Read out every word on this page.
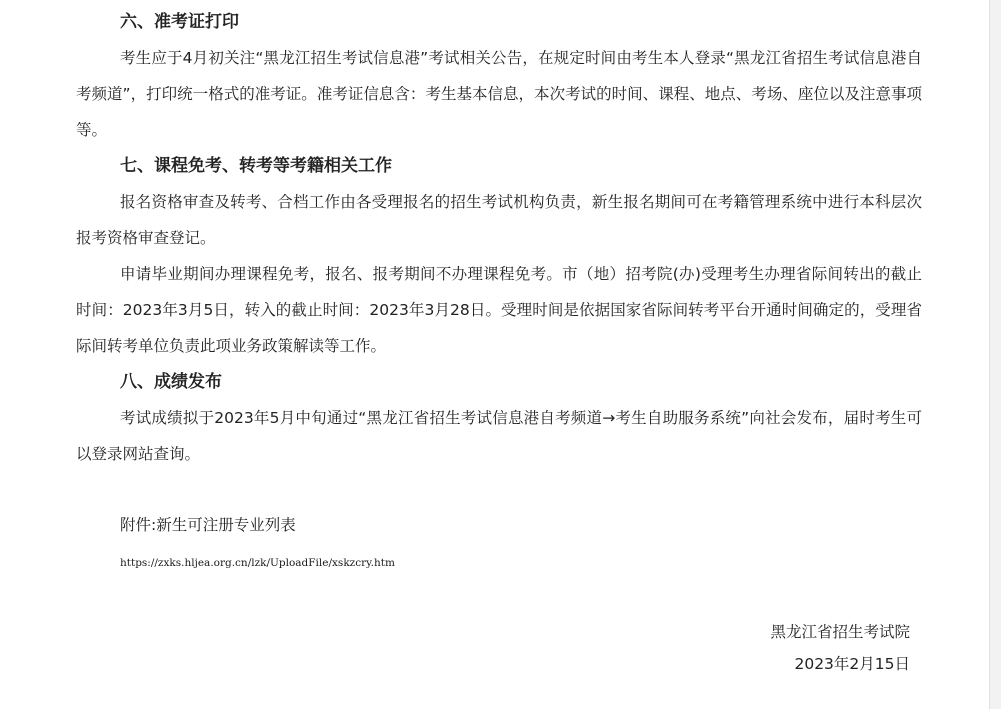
六、准考证打印

考生应于4月初关注“黑龙江招生考试信息港”考试相关公告，在规定时间由考生本人登录“黑龙江省招生考试信息港自考频道”，打印统一格式的准考证。准考证信息含：考生基本信息，本次考试的时间、课程、地点、考场、座位以及注意事项等。

七、课程免考、转考等考籍相关工作

报名资格审查及转考、合档工作由各受理报名的招生考试机构负责，新生报名期间可在考籍管理系统中进行本科层次报考资格审查登记。

申请毕业期间办理课程免考，报名、报考期间不办理课程免考。市（地）招考院(办)受理考生办理省际间转出的截止时间：2023年3月5日，转入的截止时间：2023年3月28日。受理时间是依据国家省际间转考平台开通时间确定的，受理省际间转考单位负责此项业务政策解读等工作。

八、成绩发布

考试成绩拟于2023年5月中旬通过“黑龙江省招生考试信息港自考频道→考生自助服务系统”向社会发布，届时考生可以登录网站查询。

附件:新生可注册专业列表
https://zxks.hljea.org.cn/lzk/UploadFile/xskzcry.htm
黑龙江省招生考试院
2023年2月15日
